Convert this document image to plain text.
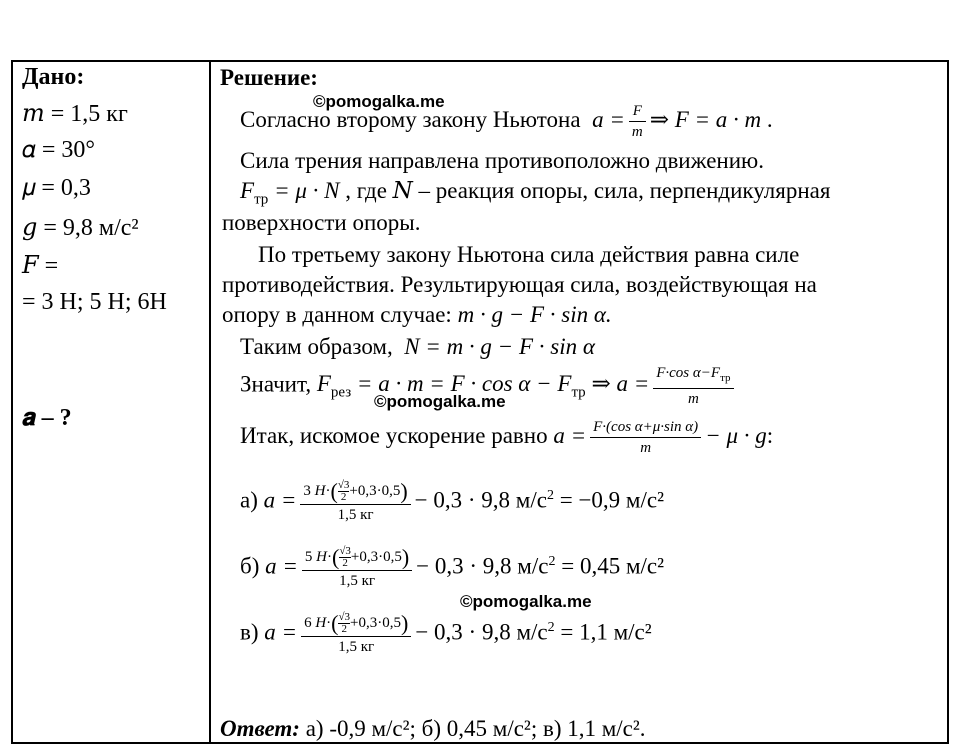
Дано:
𝑚 = 1,5 кг
𝛼 = 30°
𝜇 = 0,3
𝑔 = 9,8 м/с²
𝐹 =
= 3 Н; 5 Н; 6Н
𝒂 – ?
Решение:
©pomogalka.me
Согласно второму закону Ньютона  $a = \frac{F}{m}$ ⇒ F = a · m .
Сила трения направлена противоположно движению.
$F_{тр} = \mu \cdot N$ , где 𝑁 – реакция опоры, сила, перпендикулярная
поверхности опоры.
По третьему закону Ньютона сила действия равна силе
противодействия. Результирующая сила, воздействующая на
опору в данном случае: m · g − F · sin α.
Таким образом,  N = m · g − F · sin α
Значит, $F_{рез} = a \cdot m = F \cdot \cos \alpha - F_{тр}$ ⇒ $a = \frac{F\cdot\cos \alpha-F_{тр}}{m}$
©pomogalka.me
Итак, искомое ускорение равно $a = \frac{\text{F·(cos α+μ·sin α)}}{m} - \mu \cdot g$:
а) $a = \frac{3 H\cdot( \frac{√3}{2}+0,3\cdot 0,5)}{1,5 кг} - 0,3 \cdot 9,8$ $м/с^2 = -0,9$ м/с²
б) $a = \frac{5 H\cdot( \frac{√3}{2}+0,3\cdot 0,5)}{1,5 кг} - 0,3 \cdot 9,8$ $м/с^2 = 0,45$ м/с²
©pomogalka.me
в) $a = \frac{6 H\cdot( \frac{√3}{2}+0,3\cdot 0,5)}{1,5 кг} - 0,3 \cdot 9,8$ $м/с^2 = 1,1$ м/с²
Ответ: а) -0,9 м/с²; б) 0,45 м/с²; в) 1,1 м/с².
